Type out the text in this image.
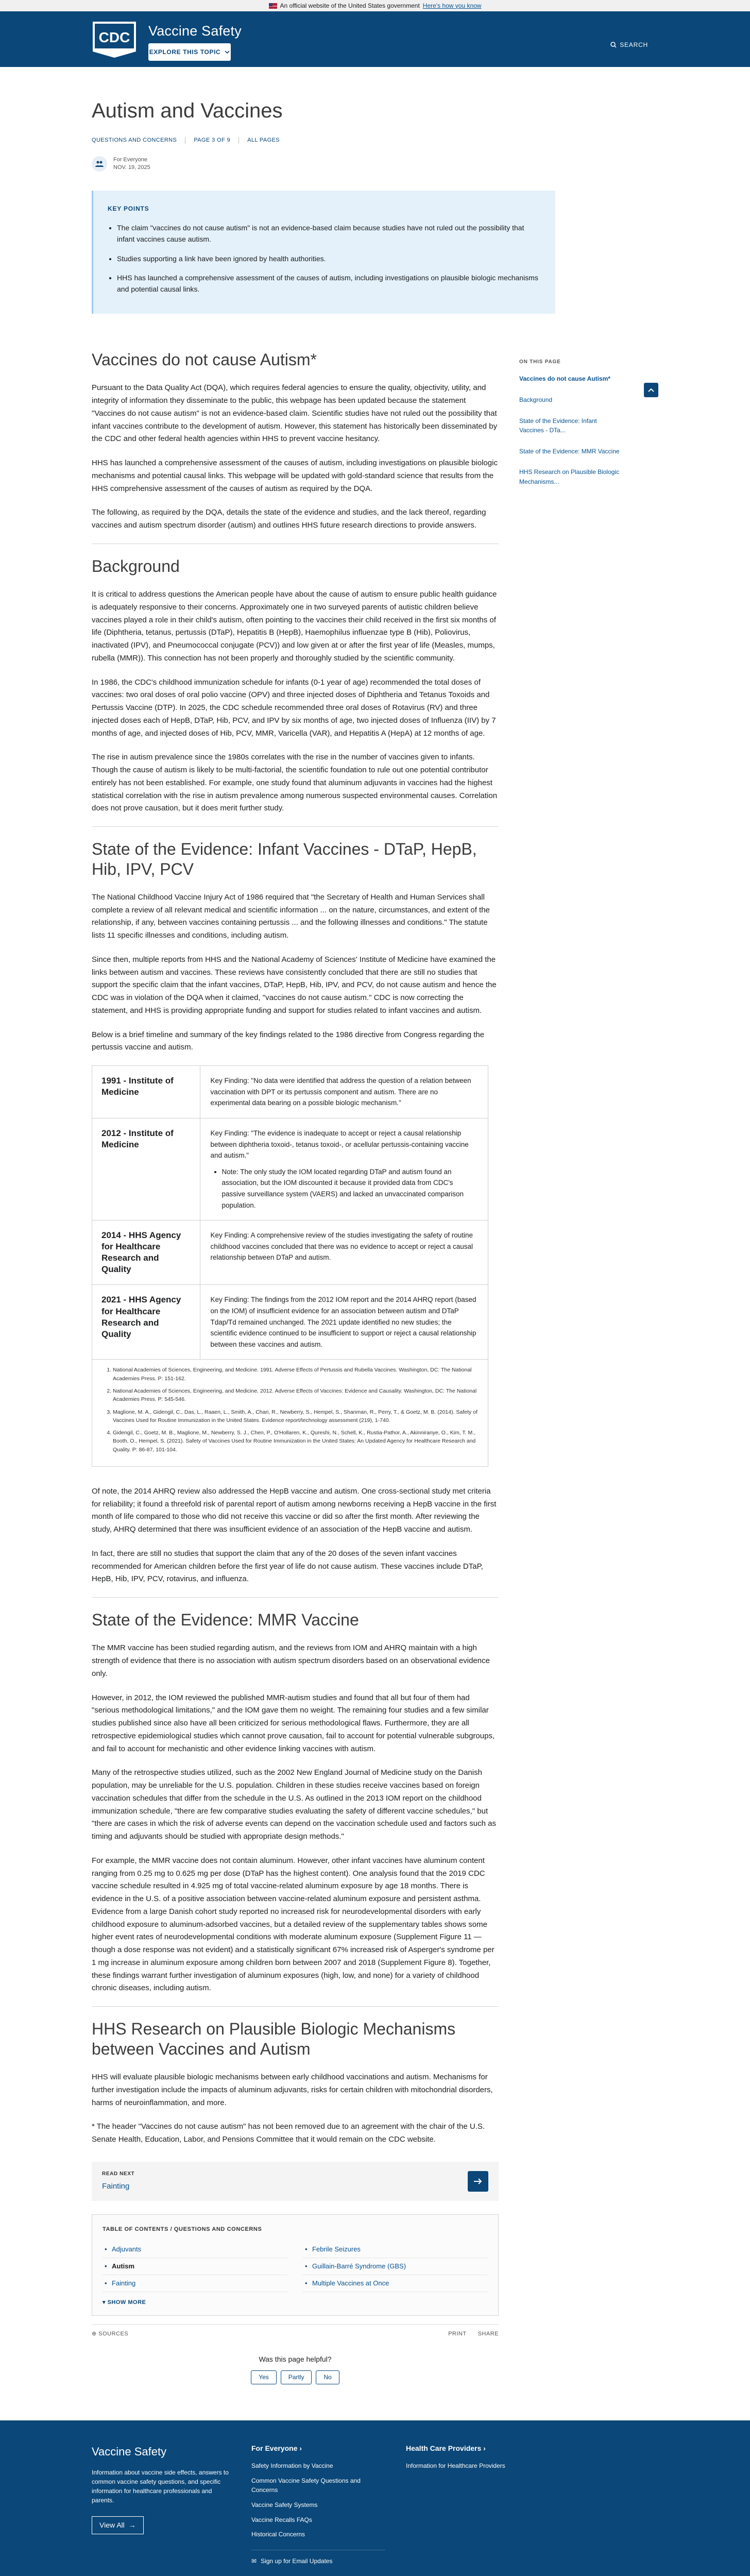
An official website of the United States government Here's how you know
CDC Vaccine Safety
EXPLORE THIS TOPIC
SEARCH
Autism and Vaccines
QUESTIONS AND CONCERNS	PAGE 3 OF 9	ALL PAGES
For Everyone
NOV. 19, 2025
KEY POINTS
• The claim "vaccines do not cause autism" is not an evidence-based claim because studies have not ruled out the possibility that infant vaccines cause autism.
• Studies supporting a link have been ignored by health authorities.
• HHS has launched a comprehensive assessment of the causes of autism, including investigations on plausible biologic mechanisms and potential causal links.
Vaccines do not cause Autism*

Pursuant to the Data Quality Act (DQA), which requires federal agencies to ensure the quality, objectivity, utility, and integrity of information they disseminate to the public, this webpage has been updated because the statement "Vaccines do not cause autism" is not an evidence-based claim. Scientific studies have not ruled out the possibility that infant vaccines contribute to the development of autism. However, this statement has historically been disseminated by the CDC and other federal health agencies within HHS to prevent vaccine hesitancy.

HHS has launched a comprehensive assessment of the causes of autism, including investigations on plausible biologic mechanisms and potential causal links. This webpage will be updated with gold-standard science that results from the HHS comprehensive assessment of the causes of autism as required by the DQA.

The following, as required by the DQA, details the state of the evidence and studies, and the lack thereof, regarding vaccines and autism spectrum disorder (autism) and outlines HHS future research directions to provide answers.

Background

It is critical to address questions the American people have about the cause of autism to ensure public health guidance is adequately responsive to their concerns. Approximately one in two surveyed parents of autistic children believe vaccines played a role in their child's autism, often pointing to the vaccines their child received in the first six months of life (Diphtheria, tetanus, pertussis (DTaP), Hepatitis B (HepB), Haemophilus influenzae type B (Hib), Poliovirus, inactivated (IPV), and Pneumococcal conjugate (PCV)) and low given at or after the first year of life (Measles, mumps, rubella (MMR)). This connection has not been properly and thoroughly studied by the scientific community.

In 1986, the CDC's childhood immunization schedule for infants (0-1 year of age) recommended the total doses of vaccines: two oral doses of oral polio vaccine (OPV) and three injected doses of Diphtheria and Tetanus Toxoids and Pertussis Vaccine (DTP). In 2025, the CDC schedule recommended three oral doses of Rotavirus (RV) and three injected doses each of HepB, DTaP, Hib, PCV, and IPV by six months of age, two injected doses of Influenza (IIV) by 7 months of age, and injected doses of Hib, PCV, MMR, Varicella (VAR), and Hepatitis A (HepA) at 12 months of age.

The rise in autism prevalence since the 1980s correlates with the rise in the number of vaccines given to infants. Though the cause of autism is likely to be multi-factorial, the scientific foundation to rule out one potential contributor entirely has not been established. For example, one study found that aluminum adjuvants in vaccines had the highest statistical correlation with the rise in autism prevalence among numerous suspected environmental causes. Correlation does not prove causation, but it does merit further study.

State of the Evidence: Infant Vaccines - DTaP, HepB, Hib, IPV, PCV

The National Childhood Vaccine Injury Act of 1986 required that "the Secretary of Health and Human Services shall complete a review of all relevant medical and scientific information ... on the nature, circumstances, and extent of the relationship, if any, between vaccines containing pertussis ... and the following illnesses and conditions." The statute lists 11 specific illnesses and conditions, including autism.

Since then, multiple reports from HHS and the National Academy of Sciences' Institute of Medicine have examined the links between autism and vaccines. These reviews have consistently concluded that there are still no studies that support the specific claim that the infant vaccines, DTaP, HepB, Hib, IPV, and PCV, do not cause autism and hence the CDC was in violation of the DQA when it claimed, "vaccines do not cause autism." CDC is now correcting the statement, and HHS is providing appropriate funding and support for studies related to infant vaccines and autism.

Below is a brief timeline and summary of the key findings related to the 1986 directive from Congress regarding the pertussis vaccine and autism.

1991 - Institute of Medicine
Key Finding: "No data were identified that address the question of a relation between vaccination with DPT or its pertussis component and autism. There are no experimental data bearing on a possible biologic mechanism."
2012 - Institute of Medicine
Key Finding: "The evidence is inadequate to accept or reject a causal relationship between diphtheria toxoid-, tetanus toxoid-, or acellular pertussis-containing vaccine and autism."
• Note: The only study the IOM located regarding DTaP and autism found an association, but the IOM discounted it because it provided data from CDC's passive surveillance system (VAERS) and lacked an unvaccinated comparison population.
2014 - HHS Agency for Healthcare Research and Quality
Key Finding: A comprehensive review of the studies investigating the safety of routine childhood vaccines concluded that there was no evidence to accept or reject a causal relationship between DTaP and autism.
2021 - HHS Agency for Healthcare Research and Quality
Key Finding: The findings from the 2012 IOM report and the 2014 AHRQ report (based on the IOM) of insufficient evidence for an association between autism and DTaP Tdap/Td remained unchanged. The 2021 update identified no new studies; the scientific evidence continued to be insufficient to support or reject a causal relationship between these vaccines and autism.
1. National Academies of Sciences, Engineering, and Medicine. 1991. Adverse Effects of Pertussis and Rubella Vaccines. Washington, DC: The National Academies Press. P: 151-162.
2. National Academies of Sciences, Engineering, and Medicine. 2012. Adverse Effects of Vaccines: Evidence and Causality. Washington, DC: The National Academies Press. P: 545-546.
3. Maglione, M. A., Gidengil, C., Das, L., Raaen, L., Smith, A., Chari, R., Newberry, S., Hempel, S., Shanman, R., Perry, T., & Goetz, M. B. (2014). Safety of Vaccines Used for Routine Immunization in the United States. Evidence report/technology assessment (219), 1-740.
4. Gidengil, C., Goetz, M. B., Maglione, M., Newberry, S. J., Chen, P., O'Hollaren, K., Qureshi, N., Schell, K., Rustia-Pathor, A., Akinniranye, O., Kim, T. M., Booth, O., Hempel, S. (2021). Safety of Vaccines Used for Routine Immunization in the United States: An Updated Agency for Healthcare Research and Quality. P: 86-87, 101-104.

Of note, the 2014 AHRQ review also addressed the HepB vaccine and autism. One cross-sectional study met criteria for reliability; it found a threefold risk of parental report of autism among newborns receiving a HepB vaccine in the first month of life compared to those who did not receive this vaccine or did so after the first month. After reviewing the study, AHRQ determined that there was insufficient evidence of an association of the HepB vaccine and autism.

In fact, there are still no studies that support the claim that any of the 20 doses of the seven infant vaccines recommended for American children before the first year of life do not cause autism. These vaccines include DTaP, HepB, Hib, IPV, PCV, rotavirus, and influenza.

State of the Evidence: MMR Vaccine

The MMR vaccine has been studied regarding autism, and the reviews from IOM and AHRQ maintain with a high strength of evidence that there is no association with autism spectrum disorders based on an observational evidence only.

However, in 2012, the IOM reviewed the published MMR-autism studies and found that all but four of them had "serious methodological limitations," and the IOM gave them no weight. The remaining four studies and a few similar studies published since also have all been criticized for serious methodological flaws. Furthermore, they are all retrospective epidemiological studies which cannot prove causation, fail to account for potential vulnerable subgroups, and fail to account for mechanistic and other evidence linking vaccines with autism.

Many of the retrospective studies utilized, such as the 2002 New England Journal of Medicine study on the Danish population, may be unreliable for the U.S. population. Children in these studies receive vaccines based on foreign vaccination schedules that differ from the schedule in the U.S. As outlined in the 2013 IOM report on the childhood immunization schedule, "there are few comparative studies evaluating the safety of different vaccine schedules," but "there are cases in which the risk of adverse events can depend on the vaccination schedule used and factors such as timing and adjuvants should be studied with appropriate design methods."

For example, the MMR vaccine does not contain aluminum. However, other infant vaccines have aluminum content ranging from 0.25 mg to 0.625 mg per dose (DTaP has the highest content). One analysis found that the 2019 CDC vaccine schedule resulted in 4.925 mg of total vaccine-related aluminum exposure by age 18 months. There is evidence in the U.S. of a positive association between vaccine-related aluminum exposure and persistent asthma. Evidence from a large Danish cohort study reported no increased risk for neurodevelopmental disorders with early childhood exposure to aluminum-adsorbed vaccines, but a detailed review of the supplementary tables shows some higher event rates of neurodevelopmental conditions with moderate aluminum exposure (Supplement Figure 11 — though a dose response was not evident) and a statistically significant 67% increased risk of Asperger's syndrome per 1 mg increase in aluminum exposure among children born between 2007 and 2018 (Supplement Figure 8). Together, these findings warrant further investigation of aluminum exposures (high, low, and none) for a variety of childhood chronic diseases, including autism.

HHS Research on Plausible Biologic Mechanisms between Vaccines and Autism

HHS will evaluate plausible biologic mechanisms between early childhood vaccinations and autism. Mechanisms for further investigation include the impacts of aluminum adjuvants, risks for certain children with mitochondrial disorders, harms of neuroinflammation, and more.

* The header "Vaccines do not cause autism" has not been removed due to an agreement with the chair of the U.S. Senate Health, Education, Labor, and Pensions Committee that it would remain on the CDC website.

READ NEXT
Fainting
TABLE OF CONTENTS / QUESTIONS AND CONCERNS
• Adjuvants
• Autism
• Fainting
• Febrile Seizures
• Guillain-Barré Syndrome (GBS)
• Multiple Vaccines at Once
▾ SHOW MORE
⊕ SOURCES	PRINT SHARE
Was this page helpful?
Yes	Partly	No
ON THIS PAGE
Vaccines do not cause Autism*
Background
State of the Evidence: Infant Vaccines - DTa...
State of the Evidence: MMR Vaccine
HHS Research on Plausible Biologic Mechanisms...
Vaccine Safety
Information about vaccine side effects, answers to common vaccine safety questions, and specific information for healthcare professionals and parents.
View All →
For Everyone ›
Safety Information by Vaccine
Common Vaccine Safety Questions and Concerns
Vaccine Safety Systems
Vaccine Recalls FAQs
Historical Concerns
✉ Sign up for Email Updates
Health Care Providers ›
Information for Healthcare Providers
